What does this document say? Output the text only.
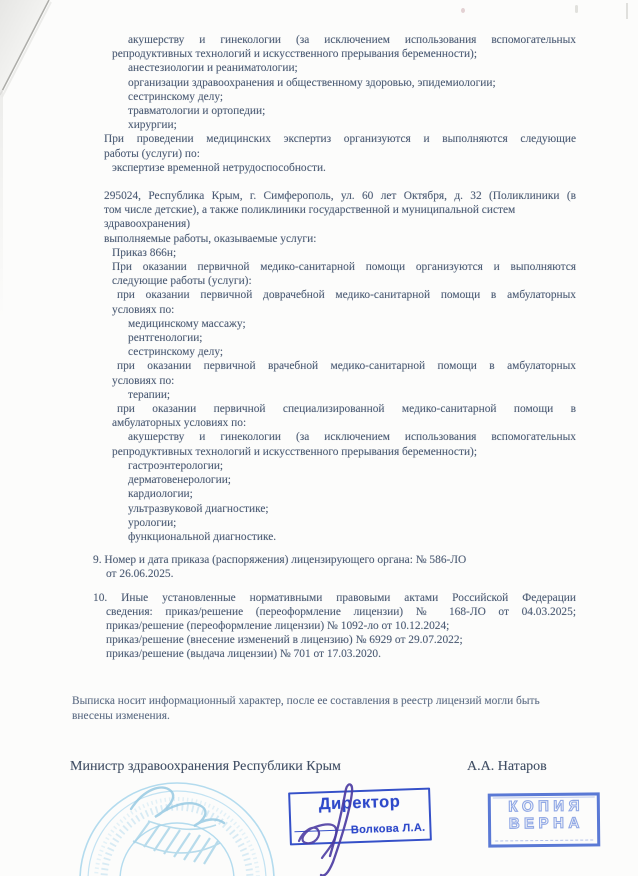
акушерству и гинекологии (за исключением использования вспомогательных
репродуктивных технологий и искусственного прерывания беременности);
анестезиологии и реаниматологии;
организации здравоохранения и общественному здоровью, эпидемиологии;
сестринскому делу;
травматологии и ортопедии;
хирургии;
При проведении медицинских экспертиз организуются и выполняются следующие
работы (услуги) по:
экспертизе временной нетрудоспособности.
295024, Республика Крым, г. Симферополь, ул. 60 лет Октября, д. 32 (Поликлиники (в
том числе детские), а также поликлиники государственной и муниципальной систем
здравоохранения)
выполняемые работы, оказываемые услуги:
Приказ 866н;
При оказании первичной медико-санитарной помощи организуются и выполняются
следующие работы (услуги):
при оказании первичной доврачебной медико-санитарной помощи в амбулаторных
условиях по:
медицинскому массажу;
рентгенологии;
сестринскому делу;
при оказании первичной врачебной медико-санитарной помощи в амбулаторных
условиях по:
терапии;
при оказании первичной специализированной медико-санитарной помощи в
амбулаторных условиях по:
акушерству и гинекологии (за исключением использования вспомогательных
репродуктивных технологий и искусственного прерывания беременности);
гастроэнтерологии;
дерматовенерологии;
кардиологии;
ультразвуковой диагностике;
урологии;
функциональной диагностике.
9. Номер и дата приказа (распоряжения) лицензирующего органа: № 586-ЛО
от 26.06.2025.
10. Иные установленные нормативными правовыми актами Российской Федерации
сведения: приказ/решение (переоформление лицензии) № 168-ЛО от 04.03.2025;
приказ/решение (переоформление лицензии) № 1092-ло от 10.12.2024;
приказ/решение (внесение изменений в лицензию) № 6929 от 29.07.2022;
приказ/решение (выдача лицензии) № 701 от 17.03.2020.
Выписка носит информационный характер, после ее составления в реестр лицензий могли быть внесены изменения.
Министр здравоохранения Республики Крым	А.А. Натаров
Директор
Волкова Л.А.
КОПИЯ
ВЕРНА
